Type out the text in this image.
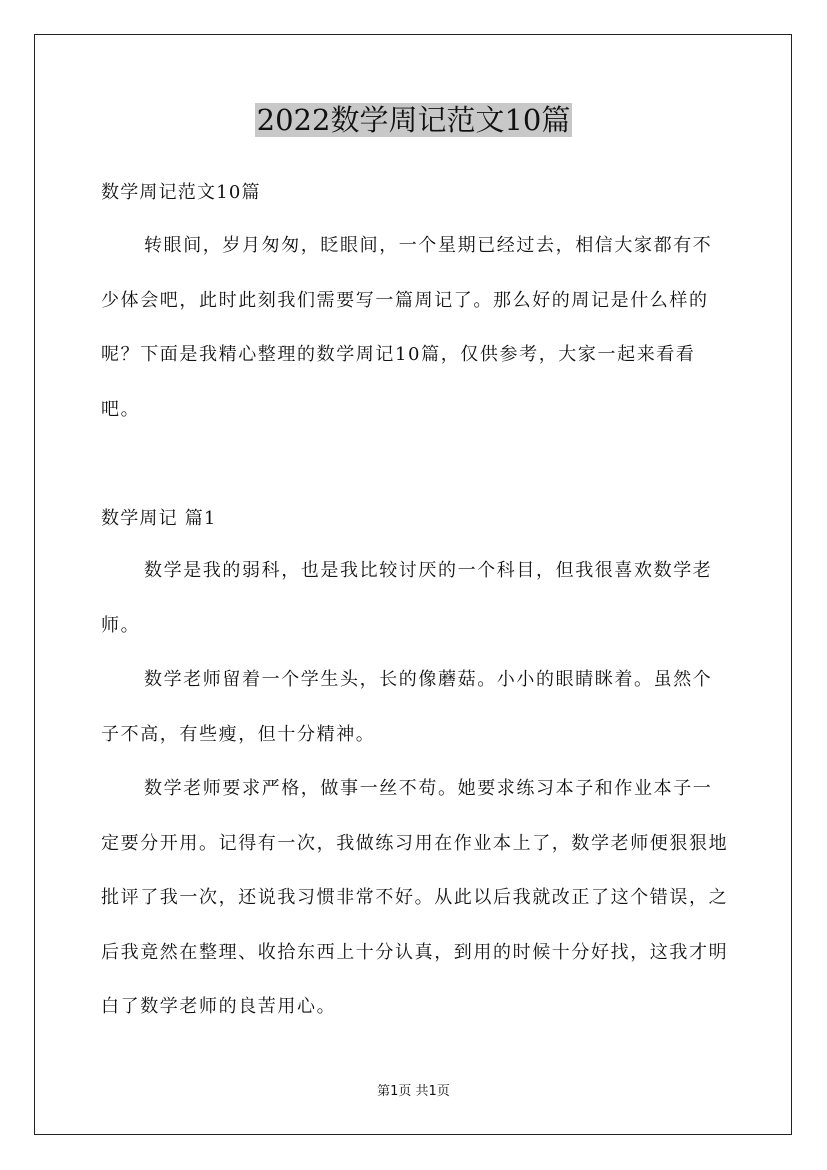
2022数学周记范文10篇

数学周记范文10篇

转眼间，岁月匆匆，眨眼间，一个星期已经过去，相信大家都有不少体会吧，此时此刻我们需要写一篇周记了。那么好的周记是什么样的呢？下面是我精心整理的数学周记10篇，仅供参考，大家一起来看看吧。

数学周记 篇1

数学是我的弱科，也是我比较讨厌的一个科目，但我很喜欢数学老师。

数学老师留着一个学生头，长的像蘑菇。小小的眼睛眯着。虽然个子不高，有些瘦，但十分精神。

数学老师要求严格，做事一丝不苟。她要求练习本子和作业本子一定要分开用。记得有一次，我做练习用在作业本上了，数学老师便狠狠地批评了我一次，还说我习惯非常不好。从此以后我就改正了这个错误，之后我竟然在整理、收拾东西上十分认真，到用的时候十分好找，这我才明白了数学老师的良苦用心。

第1页 共1页
